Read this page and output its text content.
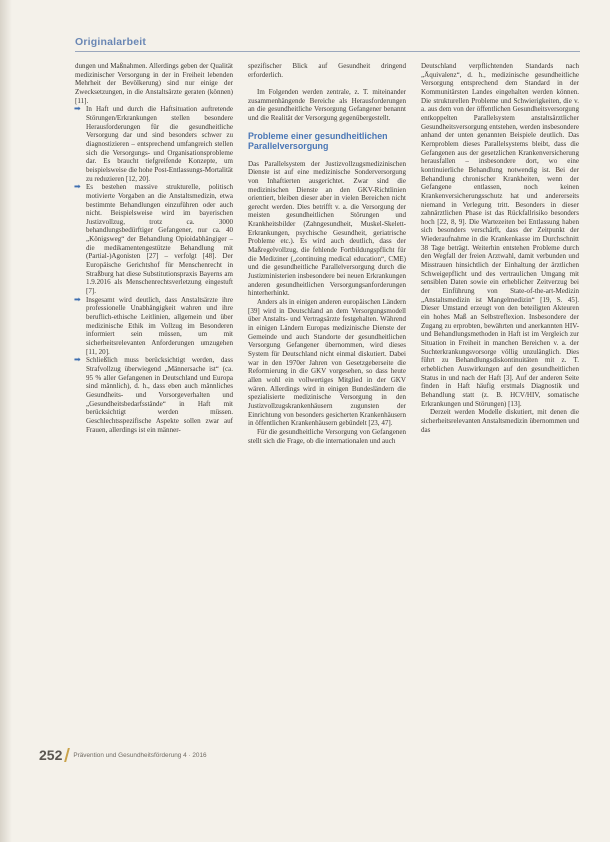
Originalarbeit

dungen und Maßnahmen. Allerdings geben der Qualität medizinischer Versorgung in der in Freiheit lebenden Mehrheit der Bevölkerung) sind nur einige der Zwecksetzungen, in die Anstaltsärzte geraten (können) [11].

➡ In Haft und durch die Haftsituation auftretende Störungen/Erkrankungen stellen besondere Herausforderungen für die gesundheitliche Versorgung dar und sind besonders schwer zu diagnostizieren – entsprechend umfangreich stellen sich die Versorgungs- und Organisationsprobleme dar. Es braucht tiefgreifende Konzepte, um beispielsweise die hohe Post-Entlassungs-Mortalität zu reduzieren [12, 20].
➡ Es bestehen massive strukturelle, politisch motivierte Vorgaben an die Anstaltsmedizin, etwa bestimmte Behandlungen einzuführen oder auch nicht. Beispielsweise wird im bayerischen Justizvollzug, trotz ca. 3000 behandlungsbedürftiger Gefangener, nur ca. 40 „Königsweg“ der Behandlung Opioidabhängiger – die medikamentengestützte Behandlung mit (Partial-)Agonisten [27] – verfolgt [48]. Der Europäische Gerichtshof für Menschenrecht in Straßburg hat diese Substitutionspraxis Bayerns am 1.9.2016 als Menschenrechtsverletzung eingestuft [7].
➡ Insgesamt wird deutlich, dass Anstaltsärzte ihre professionelle Unabhängigkeit wahren und ihre beruflich-ethische Leitlinien, allgemein und über medizinische Ethik im Vollzug im Besonderen informiert sein müssen, um mit sicherheitsrelevanten Anforderungen umzugehen [11, 20].
➡ Schließlich muss berücksichtigt werden, dass Strafvollzug überwiegend „Männersache ist“ (ca. 95 % aller Gefangenen in Deutschland und Europa sind männlich), d. h., dass eben auch männliches Gesundheits- und Vorsorgeverhalten und „Gesundheitsbedarfsstände“ in Haft mit berücksichtigt werden müssen. Geschlechtsspezifische Aspekte sollen zwar auf Frauen, allerdings ist ein männer-

spezifischer Blick auf Gesundheit dringend erforderlich.

Im Folgenden werden zentrale, z. T. miteinander zusammenhängende Bereiche als Herausforderungen an die gesundheitliche Versorgung Gefangener benannt und die Realität der Versorgung gegenübergestellt.

Probleme einer gesundheitlichen Parallelversorgung

Das Parallelsystem der Justizvollzugsmedizinischen Dienste ist auf eine medizinische Sonderversorgung von Inhaftierten ausgerichtet. Zwar sind die medizinischen Dienste an den GKV-Richtlinien orientiert, bleiben dieser aber in vielen Bereichen nicht gerecht werden. Dies betrifft v. a. die Versorgung der meisten gesundheitlichen Störungen und Krankheitsbilder (Zahngesundheit, Muskel-Skelett-Erkrankungen, psychische Gesundheit, geriatrische Probleme etc.). Es wird auch deutlich, dass der Maßregelvollzug, die fehlende Fortbildungspflicht für die Mediziner („continuing medical education“, CME) und die gesundheitliche Parallelversorgung durch die Justizministerien insbesondere bei neuen Erkrankungen anderen gesundheitlichen Versorgungsanforderungen hinterherhinkt.

Anders als in einigen anderen europäischen Ländern [39] wird in Deutschland an dem Versorgungsmodell über Anstalts- und Vertragsärzte festgehalten. Während in einigen Ländern Europas medizinische Dienste der Gemeinde und auch Standorte der gesundheitlichen Versorgung Gefangener übernommen, wird dieses System für Deutschland nicht einmal diskutiert. Dabei war in den 1970er Jahren von Gesetzgeberseite die Reformierung in die GKV vorgesehen, so dass heute allen wohl ein vollwertiges Mitglied in der GKV wären. Allerdings wird in einigen Bundesländern die spezialisierte medizinische Versorgung in den Justizvollzugskrankenhäusern zugunsten der Einrichtung von besonders gesicherten Krankenhäusern in öffentlichen Krankenhäusern gebündelt [23, 47].

Für die gesundheitliche Versorgung von Gefangenen stellt sich die Frage, ob die internationalen und auch

Deutschland verpflichtenden Standards nach „Äquivalenz“, d. h., medizinische gesundheitliche Versorgung entsprechend dem Standard in der Kommunitärsten Landes eingehalten werden können. Die strukturellen Probleme und Schwierigkeiten, die v. a. aus dem von der öffentlichen Gesundheitsversorgung entkoppelten Parallelsystem anstaltsärztlicher Gesundheitsversorgung entstehen, werden insbesondere anhand der unten genannten Beispiele deutlich. Das Kernproblem dieses Parallelsystems bleibt, dass die Gefangenen aus der gesetzlichen Krankenversicherung herausfallen – insbesondere dort, wo eine kontinuierliche Behandlung notwendig ist. Bei der Behandlung chronischer Krankheiten, wenn der Gefangene entlassen, noch keinen Krankenversicherungsschutz hat und andererseits niemand in Verlegung tritt. Besonders in dieser zahnärztlichen Phase ist das Rückfallrisiko besonders hoch [22, 8, 9]. Die Wartezeiten bei Entlassung haben sich besonders verschärft, dass der Zeitpunkt der Wiederaufnahme in die Krankenkasse im Durchschnitt 38 Tage beträgt. Weiterhin entstehen Probleme durch den Wegfall der freien Arztwahl, damit verbunden und Misstrauen hinsichtlich der Einhaltung der ärztlichen Schweigepflicht und des vertraulichen Umgang mit sensiblen Daten sowie ein erheblicher Zeitverzug bei der Einführung von State-of-the-art-Medizin „Anstaltsmedizin ist Mangelmedizin“ [19, S. 45]. Dieser Umstand erzeugt von den beteiligten Akteuren ein hohes Maß an Selbstreflexion. Insbesondere der Zugang zu erprobten, bewährten und anerkannten HIV- und Behandlungsmethoden in Haft ist im Vergleich zur Situation in Freiheit in manchen Bereichen v. a. der Suchterkrankungsvorsorge völlig unzulänglich. Dies führt zu Behandlungsdiskontinuitäten mit z. T. erheblichen Auswirkungen auf den gesundheitlichen Status in und nach der Haft [3]. Auf der anderen Seite finden in Haft häufig erstmals Diagnostik und Behandlung statt (z. B. HCV/HIV, somatische Erkrankungen und Störungen) [13].

Derzeit werden Modelle diskutiert, mit denen die sicherheitsrelevanten Anstaltsmedizin übernommen und das

252 Prävention und Gesundheitsförderung 4 · 2016
